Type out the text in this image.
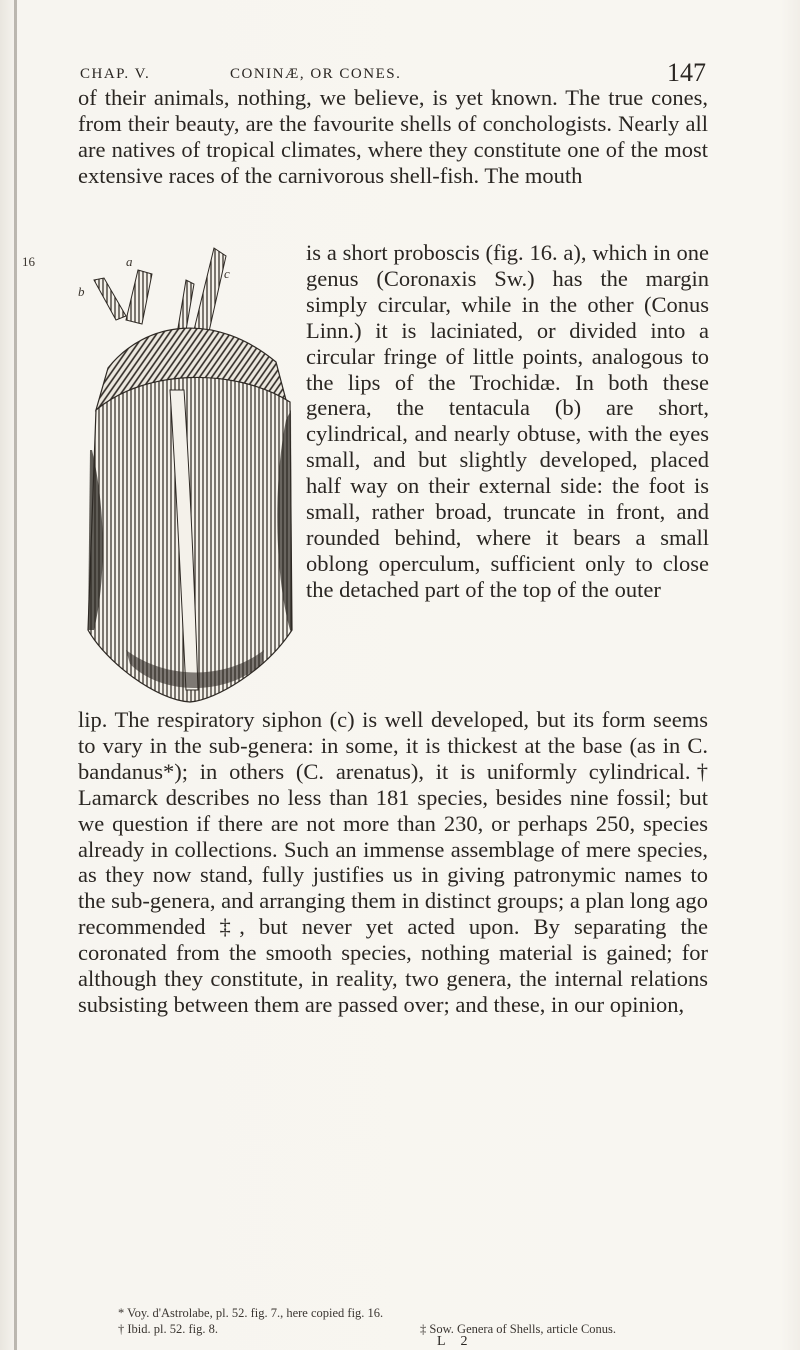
CHAP. V.	CONINÆ, OR CONES.	147

of their animals, nothing, we believe, is yet known. The true cones, from their beauty, are the favourite shells of conchologists. Nearly all are natives of tropical climates, where they constitute one of the most extensive races of the carnivorous shell-fish. The mouth

16	a
b
c

is a short proboscis (fig. 16. a), which in one genus (Coronaxis Sw.) has the margin simply circular, while in the other (Conus Linn.) it is laciniated, or divided into a circular fringe of little points, analogous to the lips of the Trochidæ. In both these genera, the tentacula (b) are short, cylindrical, and nearly obtuse, with the eyes small, and but slightly developed, placed half way on their external side: the foot is small, rather broad, truncate in front, and rounded behind, where it bears a small oblong operculum, sufficient only to close the detached part of the top of the outer

lip. The respiratory siphon (c) is well developed, but its form seems to vary in the sub-genera: in some, it is thickest at the base (as in C. bandanus*); in others (C. arenatus), it is uniformly cylindrical.† Lamarck describes no less than 181 species, besides nine fossil; but we question if there are not more than 230, or perhaps 250, species already in collections. Such an immense assemblage of mere species, as they now stand, fully justifies us in giving patronymic names to the sub-genera, and arranging them in distinct groups; a plan long ago recommended ‡, but never yet acted upon. By separating the coronated from the smooth species, nothing material is gained; for although they constitute, in reality, two genera, the internal relations subsisting between them are passed over; and these, in our opinion,

* Voy. d'Astrolabe, pl. 52. fig. 7., here copied fig. 16.
† Ibid. pl. 52. fig. 8.	‡ Sow. Genera of Shells, article Conus.
L 2
